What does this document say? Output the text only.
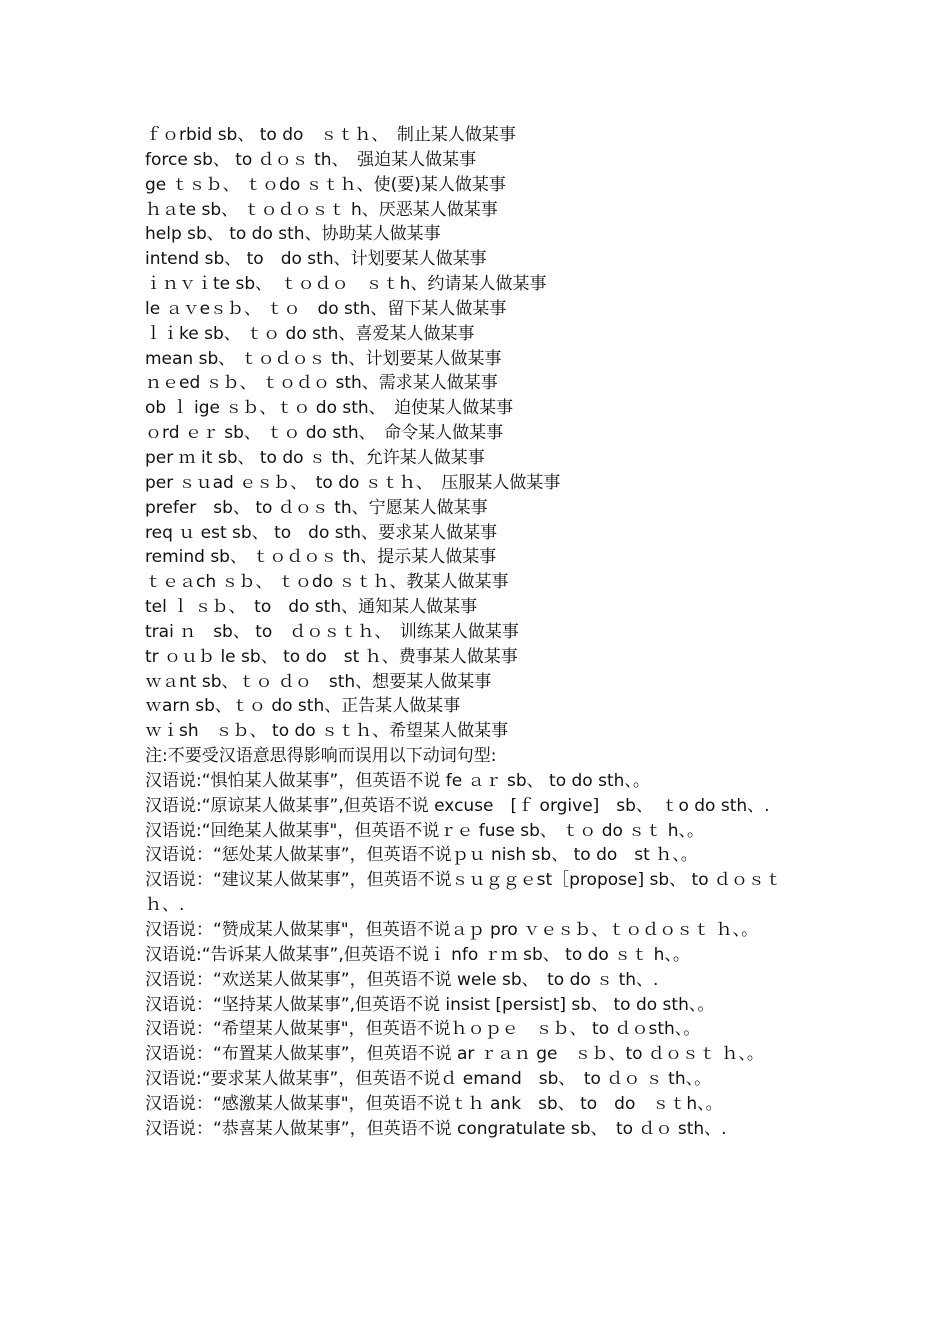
ｆｏrbid sb、 to do　ｓｔｈ、　制止某人做某事

force sb、 to ｄｏｓ th、　强迫某人做某事

ge ｔｓｂ、 ｔｏdo ｓｔｈ、使(要)某人做某事

ｈａte sb、 ｔｏｄｏｓｔ h、厌恶某人做某事

help sb、 to do sth、协助某人做某事

intend sb、 to　do sth、计划要某人做某事

ｉｎｖｉte sb、　ｔｏｄｏ　ｓｔh、约请某人做某事

le ａｖeｓｂ、 ｔｏ　do sth、留下某人做某事

ｌｉke sb、 ｔｏ do sth、喜爱某人做某事

mean sb、 ｔｏｄｏｓ th、计划要某人做某事

ｎｅed ｓｂ、 ｔｏｄｏ sth、需求某人做某事

ob ｌ ige ｓｂ、ｔｏ do sth、　迫使某人做某事

ｏrd ｅｒ sb、 ｔｏ do sth、　命令某人做某事

per ｍ it sb、 to do ｓ th、允许某人做某事

per ｓｕad ｅｓｂ、　to do ｓｔｈ、　压服某人做某事

prefer　sb、 to ｄｏｓ th、宁愿某人做某事

req ｕ est sb、 to　do sth、要求某人做某事

remind sb、 ｔｏｄｏｓ th、提示某人做某事

ｔｅａch ｓｂ、 ｔｏdo ｓｔｈ、教某人做某事

tel ｌ ｓｂ、　to　do sth、通知某人做某事

trai ｎ　sb、 to　ｄｏｓｔｈ、　训练某人做某事

tr ｏｕｂ le sb、 to do　st ｈ、费事某人做某事

ｗａnt sb、ｔｏ ｄｏ　sth、想要某人做某事

ｗarn sb、ｔｏ do sth、正告某人做某事

ｗｉsh　ｓｂ、 to do ｓｔｈ、希望某人做某事

注:不要受汉语意思得影响而误用以下动词句型:

汉语说:“惧怕某人做某事”，但英语不说 fe ａｒ sb、 to do sth、。

汉语说:“原谅某人做某事”,但英语不说 excuse　[ｆ orgive]　sb、　ｔo do sth、.

汉语说:“回绝某人做某事"，但英语不说ｒｅ fuse sb、 ｔｏ do ｓｔ h、。

汉语说：“惩处某人做某事”，但英语不说ｐｕ nish sb、 to do　st ｈ、。

汉语说：“建议某人做某事”，但英语不说ｓｕｇｇｅst［propose] sb、 to ｄｏｓｔｈ、.

汉语说：“赞成某人做某事"，但英语不说ａｐ pro ｖｅｓｂ、ｔｏｄｏｓｔ ｈ、。

汉语说:“告诉某人做某事”,但英语不说ｉ nfo ｒｍ sb、 to do ｓｔ h、。

汉语说：“欢送某人做某事”，但英语不说 wele sb、　to do ｓ th、.

汉语说：“坚持某人做某事”,但英语不说 insist [persist] sb、 to do sth、。

汉语说：“希望某人做某事"，但英语不说ｈｏｐｅ　ｓｂ、 to ｄｏsth、。

汉语说：“布置某人做某事”，但英语不说 ar ｒａｎ ge　ｓｂ、to ｄｏｓｔ ｈ、。

汉语说:“要求某人做某事”，但英语不说ｄ emand　sb、　to ｄｏ ｓ th、。

汉语说：“感激某人做某事"，但英语不说ｔｈ ank　sb、 to　do　ｓｔh、。

汉语说：“恭喜某人做某事”，但英语不说 congratulate sb、　to ｄｏ sth、.
